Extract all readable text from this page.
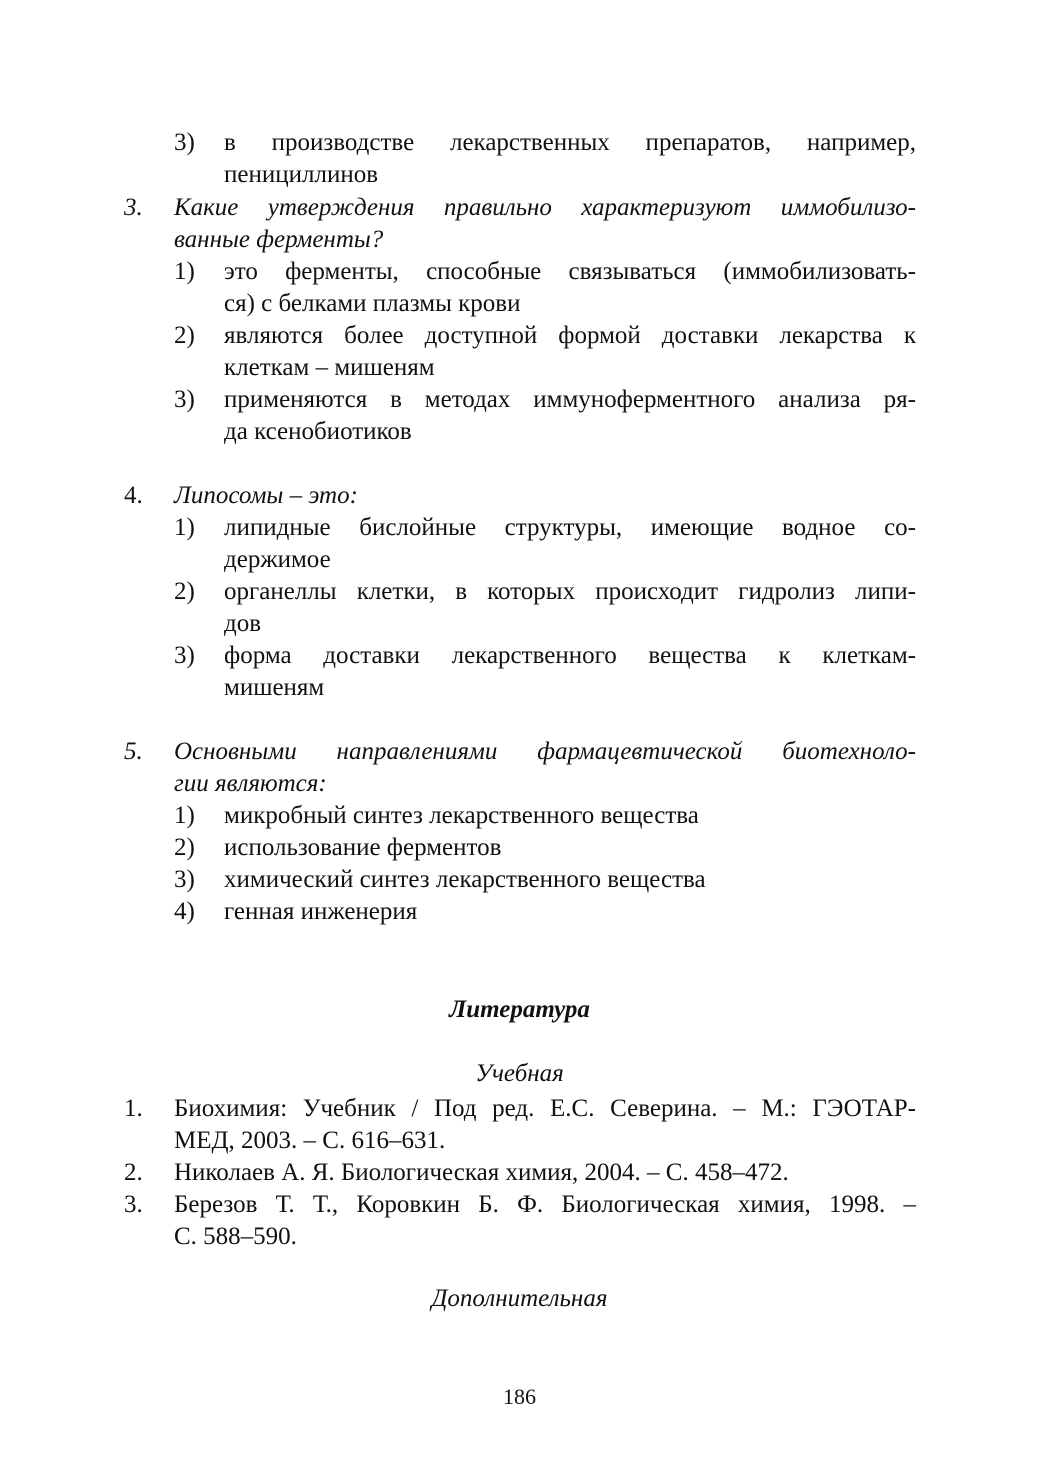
3) в производстве лекарственных препаратов, например,
пенициллинов
3. Какие утверждения правильно характеризуют иммобилизо-
ванные ферменты?
1) это ферменты, способные связываться (иммобилизовать-
ся) с белками плазмы крови
2) являются более доступной формой доставки лекарства к
клеткам – мишеням
3) применяются в методах иммуноферментного анализа ря-
да ксенобиотиков
4. Липосомы – это:
1) липидные бислойные структуры, имеющие водное со-
держимое
2) органеллы клетки, в которых происходит гидролиз липи-
дов
3) форма доставки лекарственного вещества к клеткам-
мишеням
5. Основными направлениями фармацевтической биотехноло-
гии являются:
1) микробный синтез лекарственного вещества
2) использование ферментов
3) химический синтез лекарственного вещества
4) генная инженерия
Литература
Учебная
1. Биохимия: Учебник / Под ред. Е.С. Северина. – М.: ГЭОТАР-
МЕД, 2003. – С. 616–631.
2. Николаев А. Я. Биологическая химия, 2004. – С. 458–472.
3. Березов Т. Т., Коровкин Б. Ф. Биологическая химия, 1998. –
С. 588–590.
Дополнительная
186
